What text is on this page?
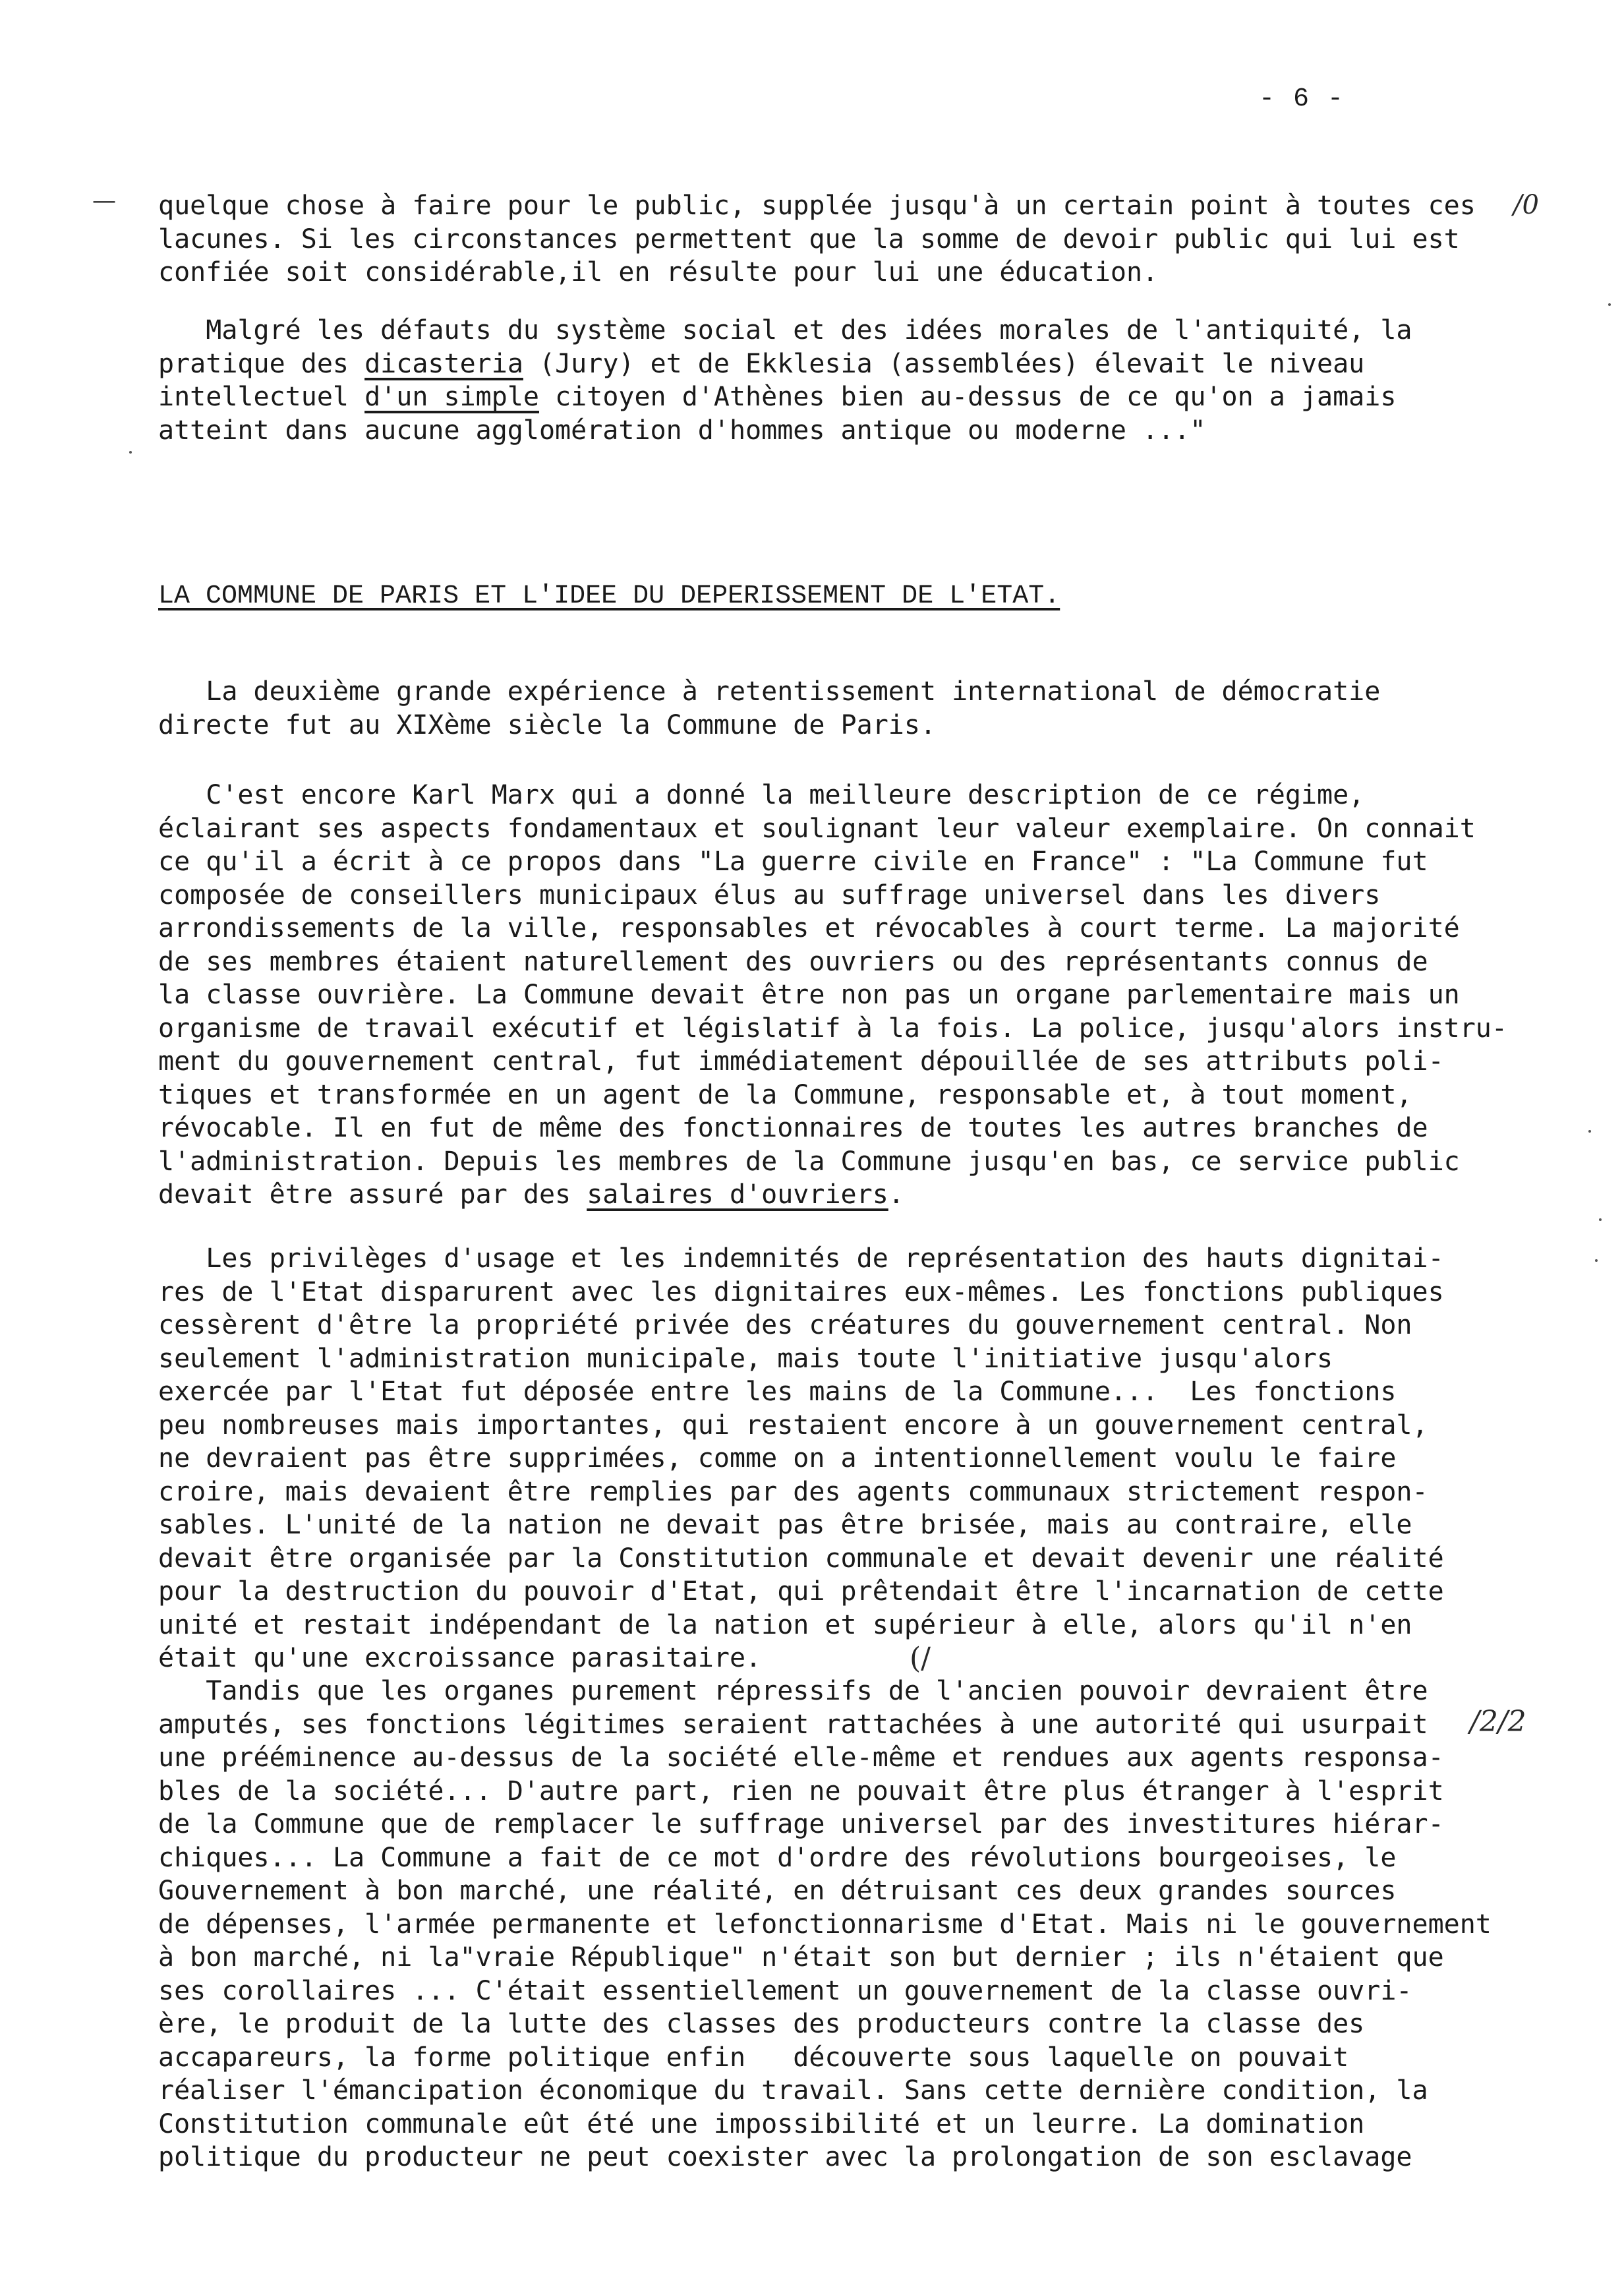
- 6 -
—	/0
quelque chose à faire pour le public, supplée jusqu'à un certain point à toutes ces
lacunes. Si les circonstances permettent que la somme de devoir public qui lui est
confiée soit considérable,il en résulte pour lui une éducation.
Malgré les défauts du système social et des idées morales de l'antiquité, la
pratique des dicasteria (Jury) et de Ekklesia (assemblées) élevait le niveau
intellectuel d'un simple citoyen d'Athènes bien au-dessus de ce qu'on a jamais
atteint dans aucune agglomération d'hommes antique ou moderne ..."
LA COMMUNE DE PARIS ET L'IDEE DU DEPERISSEMENT DE L'ETAT.
La deuxième grande expérience à retentissement international de démocratie
directe fut au XIXème siècle la Commune de Paris.
C'est encore Karl Marx qui a donné la meilleure description de ce régime,
éclairant ses aspects fondamentaux et soulignant leur valeur exemplaire. On connait
ce qu'il a écrit à ce propos dans "La guerre civile en France" : "La Commune fut
composée de conseillers municipaux élus au suffrage universel dans les divers
arrondissements de la ville, responsables et révocables à court terme. La majorité
de ses membres étaient naturellement des ouvriers ou des représentants connus de
la classe ouvrière. La Commune devait être non pas un organe parlementaire mais un
organisme de travail exécutif et législatif à la fois. La police, jusqu'alors instru-
ment du gouvernement central, fut immédiatement dépouillée de ses attributs poli-
tiques et transformée en un agent de la Commune, responsable et, à tout moment,
révocable. Il en fut de même des fonctionnaires de toutes les autres branches de
l'administration. Depuis les membres de la Commune jusqu'en bas, ce service public
devait être assuré par des salaires d'ouvriers.
Les privilèges d'usage et les indemnités de représentation des hauts dignitai-
res de l'Etat disparurent avec les dignitaires eux-mêmes. Les fonctions publiques
cessèrent d'être la propriété privée des créatures du gouvernement central. Non
seulement l'administration municipale, mais toute l'initiative jusqu'alors
exercée par l'Etat fut déposée entre les mains de la Commune...  Les fonctions
peu nombreuses mais importantes, qui restaient encore à un gouvernement central,
ne devraient pas être supprimées, comme on a intentionnellement voulu le faire
croire, mais devaient être remplies par des agents communaux strictement respon-
sables. L'unité de la nation ne devait pas être brisée, mais au contraire, elle
devait être organisée par la Constitution communale et devait devenir une réalité
pour la destruction du pouvoir d'Etat, qui prêtendait être l'incarnation de cette
unité et restait indépendant de la nation et supérieur à elle, alors qu'il n'en
était qu'une excroissance parasitaire.	(/
Tandis que les organes purement répressifs de l'ancien pouvoir devraient être
amputés, ses fonctions légitimes seraient rattachées à une autorité qui usurpait
une prééminence au-dessus de la société elle-même et rendues aux agents responsa-
bles de la société... D'autre part, rien ne pouvait être plus étranger à l'esprit
de la Commune que de remplacer le suffrage universel par des investitures hiérar-
chiques... La Commune a fait de ce mot d'ordre des révolutions bourgeoises, le
Gouvernement à bon marché, une réalité, en détruisant ces deux grandes sources
de dépenses, l'armée permanente et lefonctionnarisme d'Etat. Mais ni le gouvernement
à bon marché, ni la"vraie République" n'était son but dernier ; ils n'étaient que
ses corollaires ... C'était essentiellement un gouvernement de la classe ouvri-
ère, le produit de la lutte des classes des producteurs contre la classe des
accapareurs, la forme politique enfin   découverte sous laquelle on pouvait
réaliser l'émancipation économique du travail. Sans cette dernière condition, la
Constitution communale eût été une impossibilité et un leurre. La domination
politique du producteur ne peut coexister avec la prolongation de son esclavage
/2/2
